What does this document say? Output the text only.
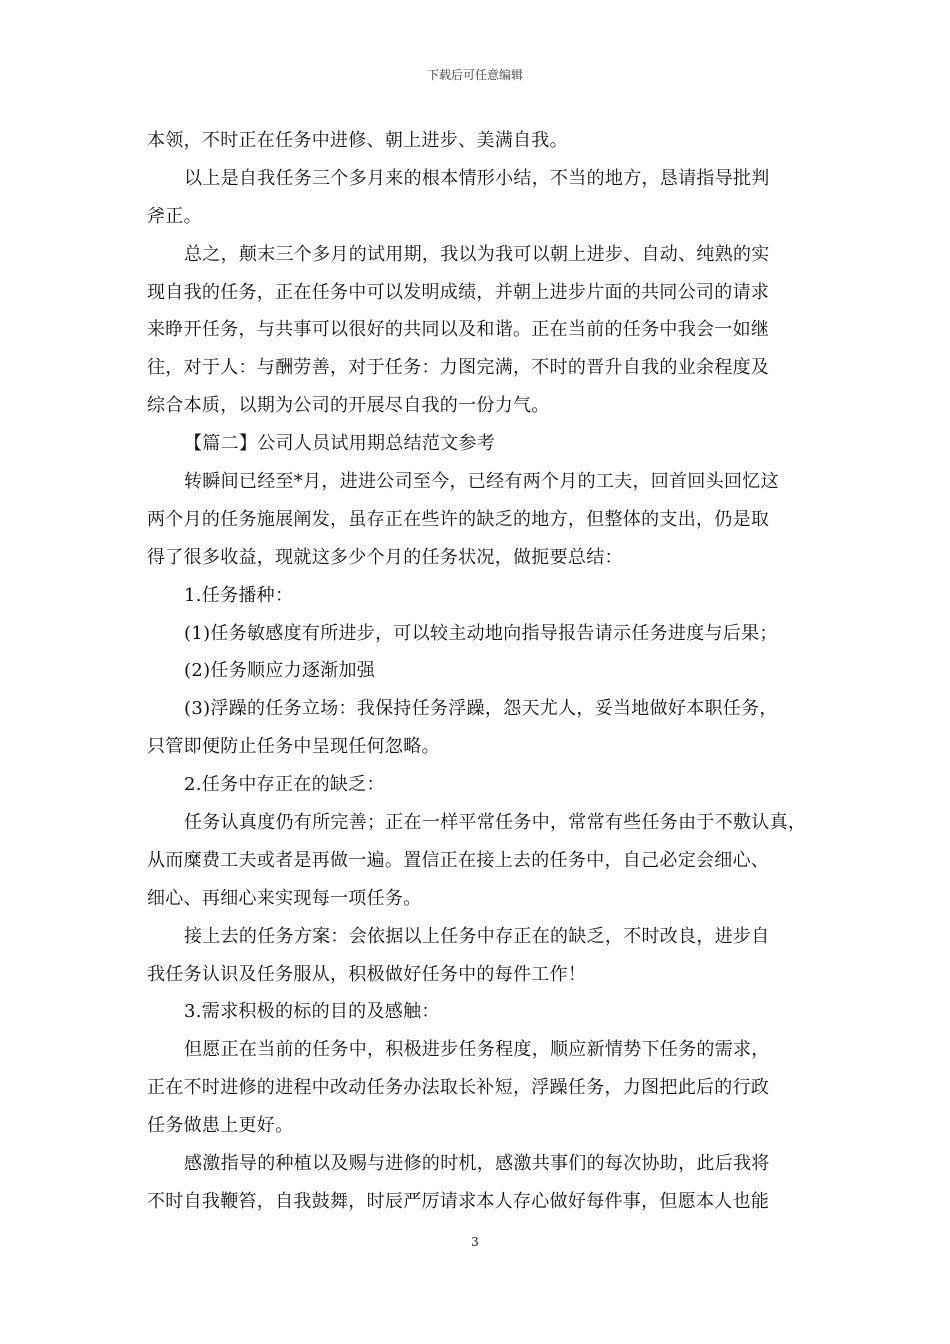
下载后可任意编辑
本领，不时正在任务中进修、朝上进步、美满自我。
以上是自我任务三个多月来的根本情形小结，不当的地方，恳请指导批判
斧正。
总之，颠末三个多月的试用期，我以为我可以朝上进步、自动、纯熟的实
现自我的任务，正在任务中可以发明成绩，并朝上进步片面的共同公司的请求
来睁开任务，与共事可以很好的共同以及和谐。正在当前的任务中我会一如继
往，对于人：与酬劳善，对于任务：力图完满，不时的晋升自我的业余程度及
综合本质，以期为公司的开展尽自我的一份力气。
【篇二】公司人员试用期总结范文参考
转瞬间已经至*月，进进公司至今，已经有两个月的工夫，回首回头回忆这
两个月的任务施展阐发，虽存正在些许的缺乏的地方，但整体的支出，仍是取
得了很多收益，现就这多少个月的任务状况，做扼要总结：
1.任务播种：
(1)任务敏感度有所进步，可以较主动地向指导报告请示任务进度与后果；
(2)任务顺应力逐渐加强
(3)浮躁的任务立场：我保持任务浮躁，怨天尤人，妥当地做好本职任务，
只管即便防止任务中呈现任何忽略。
2.任务中存正在的缺乏：
任务认真度仍有所完善；正在一样平常任务中，常常有些任务由于不敷认真，
从而糜费工夫或者是再做一遍。置信正在接上去的任务中，自己必定会细心、
细心、再细心来实现每一项任务。
接上去的任务方案：会依据以上任务中存正在的缺乏，不时改良，进步自
我任务认识及任务服从，积极做好任务中的每件工作！
3.需求积极的标的目的及感触：
但愿正在当前的任务中，积极进步任务程度，顺应新情势下任务的需求，
正在不时进修的进程中改动任务办法取长补短，浮躁任务，力图把此后的行政
任务做患上更好。
感激指导的种植以及赐与进修的时机，感激共事们的每次协助，此后我将
不时自我鞭笞，自我鼓舞，时辰严厉请求本人存心做好每件事，但愿本人也能
3
